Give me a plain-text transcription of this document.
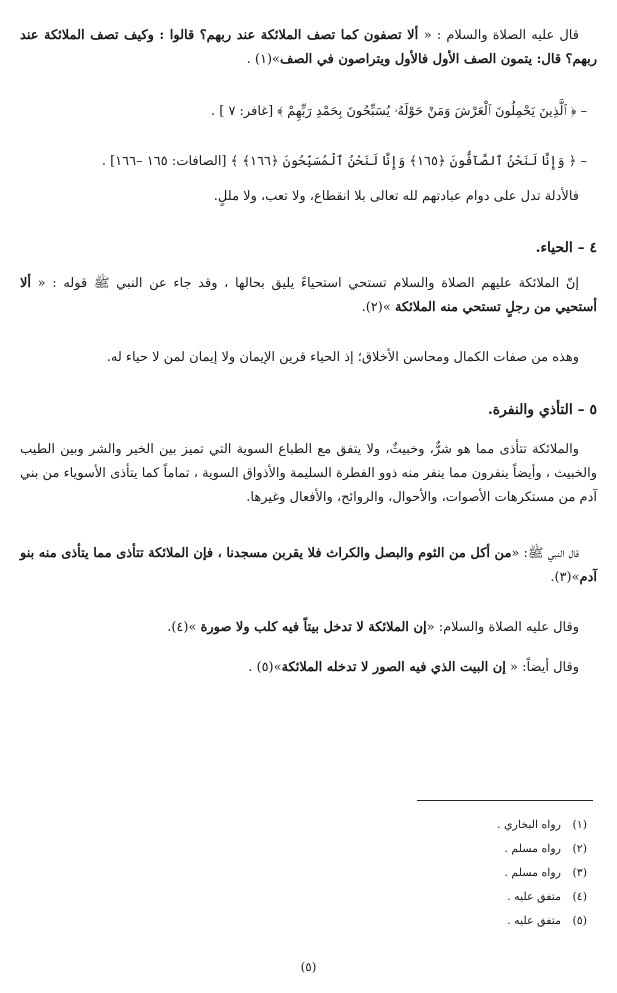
قال عليه الصلاة والسلام : « ألا تصفون كما تصف الملائكة عند ربهم؟ قالوا : وكيف تصف الملائكة عند ربهم؟ قال: يتمون الصف الأول فالأول ويتراصون في الصف»(١) .
– ﴿ ٱلَّذِينَ يَحْمِلُونَ ٱلْعَرْشَ وَمَنْ حَوْلَهُۥ يُسَبِّحُونَ بِحَمْدِ رَبِّهِمْ ﴾ [غافر: ٧ ] .
– ﴿ وَإِنَّا لَنَحْنُ ٱلصَّآفُّونَ ﴿١٦٥﴾ وَإِنَّا لَنَحْنُ ٱلْمُسَبِّحُونَ ﴿١٦٦﴾ ﴾ [الصافات: ١٦٥ –١٦٦] .
فالأدلة تدل على دوام عبادتهم لله تعالى بلا انقطاع، ولا تعب، ولا مللٍ.
٤ – الحياء.
إنّ الملائكة عليهم الصلاة والسلام تستحي استحياءً يليق بحالها ، وقد جاء عن النبي ﷺ قوله : « ألا أستحيي من رجلٍ تستحي منه الملائكة »(٢).
وهذه من صفات الكمال ومحاسن الأخلاق؛ إذ الحياء قرين الإيمان ولا إيمان لمن لا حياء له.
٥ – التأذي والنفرة.
والملائكة تتأذى مما هو شرٌّ، وخبيثٌ، ولا يتفق مع الطباع السوية التي تميز بين الخير والشر وبين الطيب والخبيث ، وأيضاً ينفرون مما ينفر منه ذوو الفطرة السليمة والأذواق السوية ، تماماً كما يتأذى الأسوياء من بني آدم من مستكرهات الأصوات، والأحوال، والروائح، والأفعال وغيرها.
قال النبي ﷺ: «من أكل من الثوم والبصل والكراث فلا يقربن مسجدنا ، فإن الملائكة تتأذى مما يتأذى منه بنو آدم»(٣).
وقال عليه الصلاة والسلام: «إن الملائكة لا تدخل بيتاً فيه كلب ولا صورة »(٤).
وقال أيضاً: « إن البيت الذي فيه الصور لا تدخله الملائكة»(٥) .
(١)رواه البخاري .
(٢)رواه مسلم .
(٣)رواه مسلم .
(٤)متفق عليه .
(٥)متفق عليه .
(٥)
